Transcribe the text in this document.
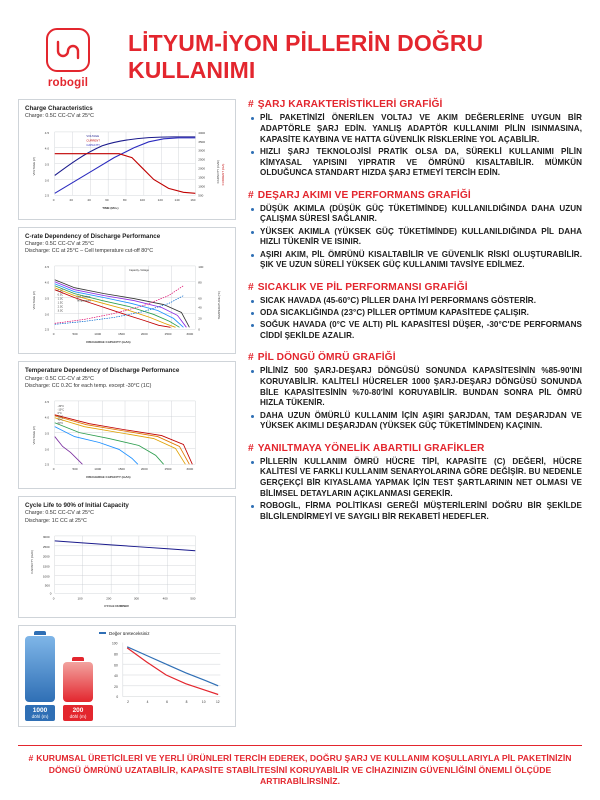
robogil
LİTYUM-İYON PİLLERİN DOĞRU KULLANIMI
Charge Characteristics
Charge: 0.5C CC-CV at 25°C
4.5
4.0
3.5
3.0
2.5
4000
3500
3000
2500
2000
1500
1000
500
0	20	40	60	80	100	120	140	160
TIME (Min.)
VOLTAGE
CURRENT
CAPACITY
VOLTAGE (V)	CAPACITY (mAh) CURRENT (mA)
C-rate Dependency of Discharge Performance
Charge: 0.5C CC-CV at 25°C
Discharge: CC at 25°C – Cell temperature cut-off 80°C
4.5
4.0
3.5
3.0
2.5
100
80
60
40
20
0
0	500	1000	1500	2000	2500	3000
DISCHARGE CAPACITY (mAh)
Capacity–Voltage
Cell Surface
Temperature
0.2C
0.5C
1.0C
1.5C
2.0C
3.0C
VOLTAGE (V)	TEMPERATURE (°C)
Temperature Dependency of Discharge Performance
Charge: 0.5C CC-CV at 25°C
Discharge: CC 0.2C for each temp. except -30°C (1C)
4.5
4.0
3.5
3.0
2.5
0	500	1000	1500	2000	2500	3000
DISCHARGE CAPACITY (mAh)
-30°C
-10°C
0°C
25°C
45°C
60°C
VOLTAGE (V)
Cycle Life to 90% of Initial Capacity
Charge: 0.5C CC-CV at 25°C
Discharge: 1C CC at 25°C
3000
2500
2000
1500
1000
500
0
0	100	200	300	400	500
CYCLE NUMBER
CAPACITY (mAh)
1000
döhl (m)
200
döhl (m)
Değer üreteceksiniz
100
80
60
40
20
0
2	4	6	8	10	12
# ŞARJ KARAKTERİSTİKLERİ GRAFİĞİ
PİL PAKETİNİZİ ÖNERİLEN VOLTAJ VE AKIM DEĞERLERİNE UYGUN BİR ADAPTÖRLE ŞARJ EDİN. YANLIŞ ADAPTÖR KULLANIMI PİLİN ISINMASINA, KAPASİTE KAYBINA VE HATTA GÜVENLİK RİSKLERİNE YOL AÇABİLİR.
HIZLI ŞARJ TEKNOLOJİSİ PRATİK OLSA DA, SÜREKLİ KULLANIMI PİLİN KİMYASAL YAPISINI YIPRATIR VE ÖMRÜNÜ KISALTABİLİR. MÜMKÜN OLDUĞUNCA STANDART HIZDA ŞARJ ETMEYİ TERCİH EDİN.
# DEŞARJ AKIMI VE PERFORMANS GRAFİĞİ
DÜŞÜK AKIMLA (DÜŞÜK GÜÇ TÜKETİMİNDE) KULLANILDIĞINDA DAHA UZUN ÇALIŞMA SÜRESİ SAĞLANIR.
YÜKSEK AKIMLA (YÜKSEK GÜÇ TÜKETİMİNDE) KULLANILDIĞINDA PİL DAHA HIZLI TÜKENİR VE ISINIR.
AŞIRI AKIM, PİL ÖMRÜNÜ KISALTABİLİR VE GÜVENLİK RİSKİ OLUŞTURABİLİR. ŞIK VE UZUN SÜRELİ YÜKSEK GÜÇ KULLANIMI TAVSİYE EDİLMEZ.
# SICAKLIK VE PİL PERFORMANSI GRAFİĞİ
SICAK HAVADA (45-60°C) PİLLER DAHA İYİ PERFORMANS GÖSTERİR.
ODA SICAKLIĞINDA (23°C) PİLLER OPTİMUM KAPASİTEDE ÇALIŞIR.
SOĞUK HAVADA (0°C VE ALTI) PİL KAPASİTESİ DÜŞER, -30°C'DE PERFORMANS CİDDİ ŞEKİLDE AZALIR.
# PİL DÖNGÜ ÖMRÜ GRAFİĞİ
PİLİNİZ 500 ŞARJ-DEŞARJ DÖNGÜSÜ SONUNDA KAPASİTESİNİN %85-90'INI KORUYABİLİR. KALİTELİ HÜCRELER 1000 ŞARJ-DEŞARJ DÖNGÜSÜ SONUNDA BİLE KAPASİTESİNİN %70-80'İNİ KORUYABİLİR. BUNDAN SONRA PİL ÖMRÜ HIZLA TÜKENİR.
DAHA UZUN ÖMÜRLÜ KULLANIM İÇİN AŞIRI ŞARJDAN, TAM DEŞARJDAN VE YÜKSEK AKIMLI DEŞARJDAN (YÜKSEK GÜÇ TÜKETİMİNDEN) KAÇININ.
# YANILTMAYA YÖNELİK ABARTILI GRAFİKLER
PİLLERİN KULLANIM ÖMRÜ HÜCRE TİPİ, KAPASİTE (C) DEĞERİ, HÜCRE KALİTESİ VE FARKLI KULLANIM SENARYOLARINA GÖRE DEĞİŞİR. BU NEDENLE GERÇEKÇİ BİR KIYASLAMA YAPMAK İÇİN TEST ŞARTLARININ NET OLMASI VE BİLİMSEL DETAYLARIN AÇIKLANMASI GEREKİR.
ROBOGİL, FİRMA POLİTİKASI GEREĞİ MÜŞTERİLERİNİ DOĞRU BİR ŞEKİLDE BİLGİLENDİRMEYİ VE SAYGILI BİR REKABETİ HEDEFLER.
# KURUMSAL ÜRETİCİLERİ VE YERLİ ÜRÜNLERİ TERCİH EDEREK, DOĞRU ŞARJ VE KULLANIM KOŞULLARIYLA PİL PAKETİNİZİN DÖNGÜ ÖMRÜNÜ UZATABİLİR, KAPASİTE STABİLİTESİNİ KORUYABİLİR VE CİHAZINIZIN GÜVENLİĞİNİ ÖNEMLİ ÖLÇÜDE ARTIRABİLİRSİNİZ.
